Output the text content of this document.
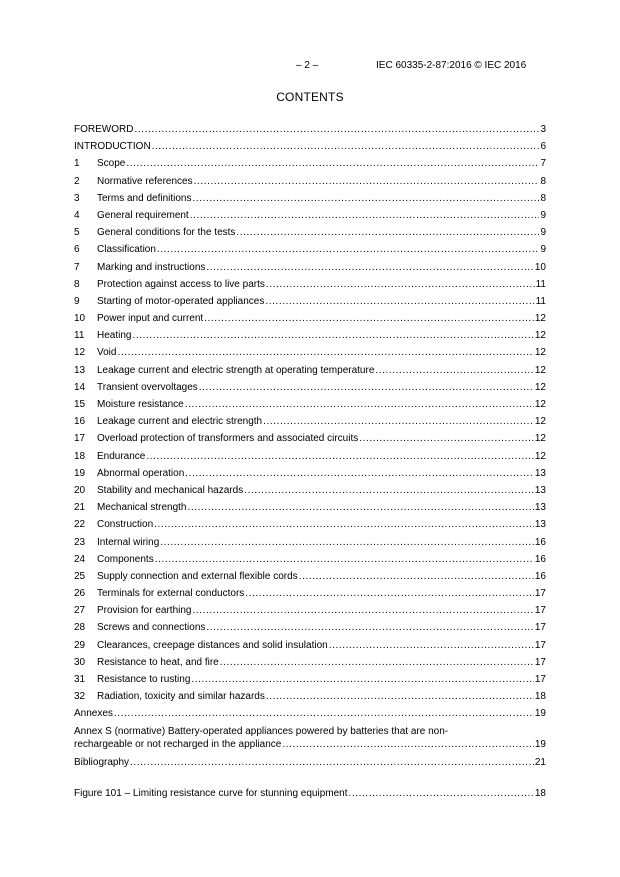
– 2 –	IEC 60335-2-87:2016 © IEC 2016
CONTENTS
FOREWORD .....	3
INTRODUCTION .....	6
1	Scope .....	7
2	Normative references .....	8
3	Terms and definitions .....	8
4	General requirement .....	9
5	General conditions for the tests .....	9
6	Classification .....	9
7	Marking and instructions .....	10
8	Protection against access to live parts .....	11
9	Starting of motor-operated appliances .....	11
10	Power input and current .....	12
11	Heating .....	12
12	Void .....	12
13	Leakage current and electric strength at operating temperature .....	12
14	Transient overvoltages .....	12
15	Moisture resistance .....	12
16	Leakage current and electric strength .....	12
17	Overload protection of transformers and associated circuits .....	12
18	Endurance .....	12
19	Abnormal operation .....	13
20	Stability and mechanical hazards .....	13
21	Mechanical strength .....	13
22	Construction .....	13
23	Internal wiring .....	16
24	Components .....	16
25	Supply connection and external flexible cords .....	16
26	Terminals for external conductors .....	17
27	Provision for earthing .....	17
28	Screws and connections .....	17
29	Clearances, creepage distances and solid insulation .....	17
30	Resistance to heat, and fire .....	17
31	Resistance to rusting .....	17
32	Radiation, toxicity and similar hazards .....	18
Annexes .....	19
Annex S (normative) Battery-operated appliances powered by batteries that are non-
rechargeable or not recharged in the appliance .....	19
Bibliography .....	21
Figure 101 – Limiting resistance curve for stunning equipment .....	18
